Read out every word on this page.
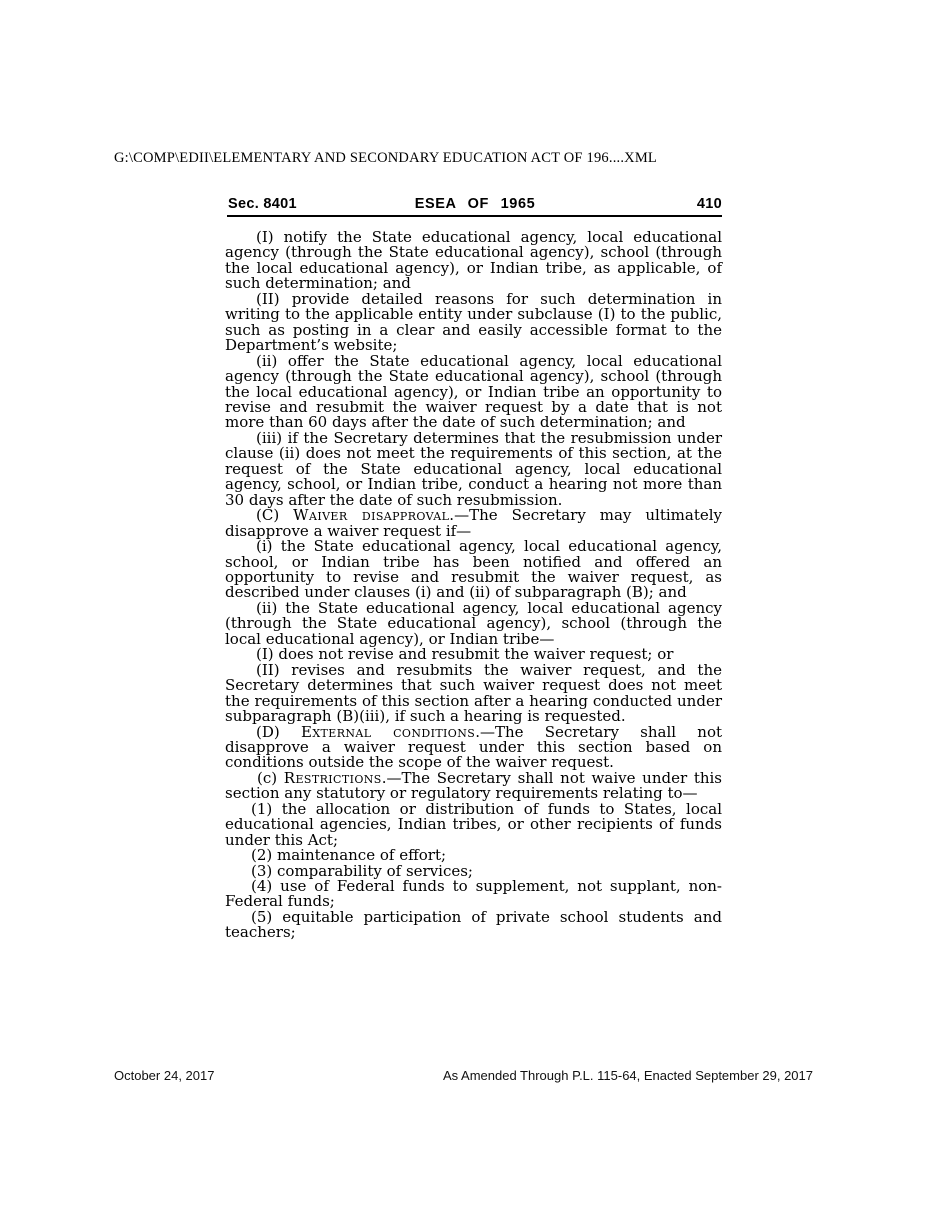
G:\COMP\EDII\ELEMENTARY AND SECONDARY EDUCATION ACT OF 196....XML
Sec. 8401	ESEA OF 1965	410

(I) notify the State educational agency, local educational agency (through the State educational agency), school (through the local educational agency), or Indian tribe, as applicable, of such determination; and

(II) provide detailed reasons for such determination in writing to the applicable entity under subclause (I) to the public, such as posting in a clear and easily accessible format to the Department’s website;

(ii) offer the State educational agency, local educational agency (through the State educational agency), school (through the local educational agency), or Indian tribe an opportunity to revise and resubmit the waiver request by a date that is not more than 60 days after the date of such determination; and

(iii) if the Secretary determines that the resubmission under clause (ii) does not meet the requirements of this section, at the request of the State educational agency, local educational agency, school, or Indian tribe, conduct a hearing not more than 30 days after the date of such resubmission.

(C) Waiver disapproval.—The Secretary may ultimately disapprove a waiver request if—

(i) the State educational agency, local educational agency, school, or Indian tribe has been notified and offered an opportunity to revise and resubmit the waiver request, as described under clauses (i) and (ii) of subparagraph (B); and

(ii) the State educational agency, local educational agency (through the State educational agency), school (through the local educational agency), or Indian tribe—

(I) does not revise and resubmit the waiver request; or

(II) revises and resubmits the waiver request, and the Secretary determines that such waiver request does not meet the requirements of this section after a hearing conducted under subparagraph (B)(iii), if such a hearing is requested.

(D) External conditions.—The Secretary shall not disapprove a waiver request under this section based on conditions outside the scope of the waiver request.

(c) Restrictions.—The Secretary shall not waive under this section any statutory or regulatory requirements relating to—

(1) the allocation or distribution of funds to States, local educational agencies, Indian tribes, or other recipients of funds under this Act;

(2) maintenance of effort;

(3) comparability of services;

(4) use of Federal funds to supplement, not supplant, non-Federal funds;

(5) equitable participation of private school students and teachers;

October 24, 2017	As Amended Through P.L. 115-64, Enacted September 29, 2017
